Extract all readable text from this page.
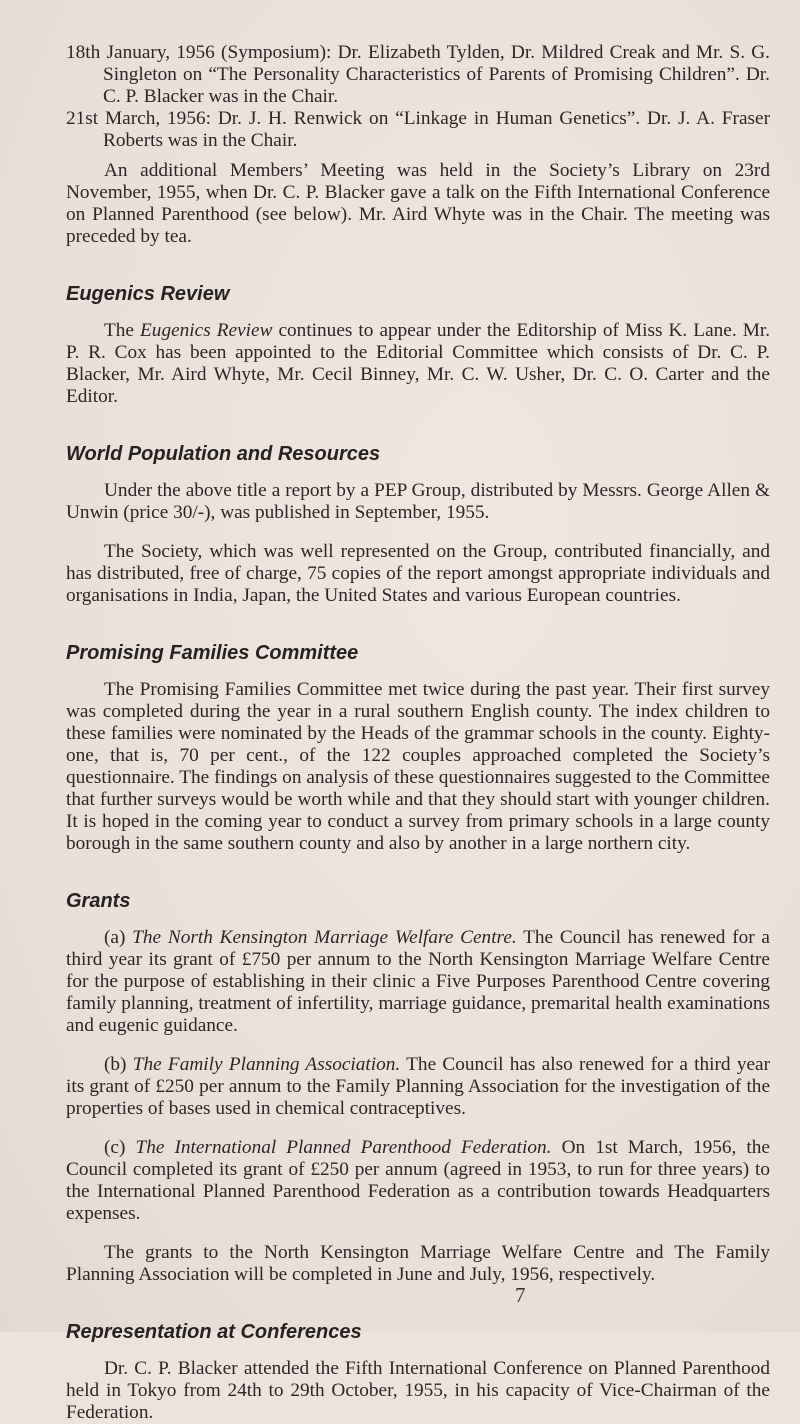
18th January, 1956 (Symposium): Dr. Elizabeth Tylden, Dr. Mildred Creak and Mr. S. G. Singleton on “The Personality Characteristics of Parents of Promising Children”. Dr. C. P. Blacker was in the Chair.

21st March, 1956: Dr. J. H. Renwick on “Linkage in Human Genetics”. Dr. J. A. Fraser Roberts was in the Chair.

An additional Members’ Meeting was held in the Society’s Library on 23rd November, 1955, when Dr. C. P. Blacker gave a talk on the Fifth International Conference on Planned Parenthood (see below). Mr. Aird Whyte was in the Chair. The meeting was preceded by tea.

Eugenics Review

The Eugenics Review continues to appear under the Editorship of Miss K. Lane. Mr. P. R. Cox has been appointed to the Editorial Committee which consists of Dr. C. P. Blacker, Mr. Aird Whyte, Mr. Cecil Binney, Mr. C. W. Usher, Dr. C. O. Carter and the Editor.

World Population and Resources

Under the above title a report by a PEP Group, distributed by Messrs. George Allen & Unwin (price 30/-), was published in September, 1955.

The Society, which was well represented on the Group, contributed financially, and has distributed, free of charge, 75 copies of the report amongst appropriate individuals and organisations in India, Japan, the United States and various European countries.

Promising Families Committee

The Promising Families Committee met twice during the past year. Their first survey was completed during the year in a rural southern English county. The index children to these families were nominated by the Heads of the grammar schools in the county. Eighty-one, that is, 70 per cent., of the 122 couples approached completed the Society’s questionnaire. The findings on analysis of these questionnaires suggested to the Committee that further surveys would be worth while and that they should start with younger children. It is hoped in the coming year to conduct a survey from primary schools in a large county borough in the same southern county and also by another in a large northern city.

Grants

(a) The North Kensington Marriage Welfare Centre. The Council has renewed for a third year its grant of £750 per annum to the North Kensington Marriage Welfare Centre for the purpose of establishing in their clinic a Five Purposes Parenthood Centre covering family planning, treatment of infertility, marriage guidance, premarital health examinations and eugenic guidance.

(b) The Family Planning Association. The Council has also renewed for a third year its grant of £250 per annum to the Family Planning Association for the investigation of the properties of bases used in chemical contraceptives.

(c) The International Planned Parenthood Federation. On 1st March, 1956, the Council completed its grant of £250 per annum (agreed in 1953, to run for three years) to the International Planned Parenthood Federation as a contribution towards Headquarters expenses.

The grants to the North Kensington Marriage Welfare Centre and The Family Planning Association will be completed in June and July, 1956, respectively.

Representation at Conferences

Dr. C. P. Blacker attended the Fifth International Conference on Planned Parenthood held in Tokyo from 24th to 29th October, 1955, in his capacity of Vice-Chairman of the Federation.

7
